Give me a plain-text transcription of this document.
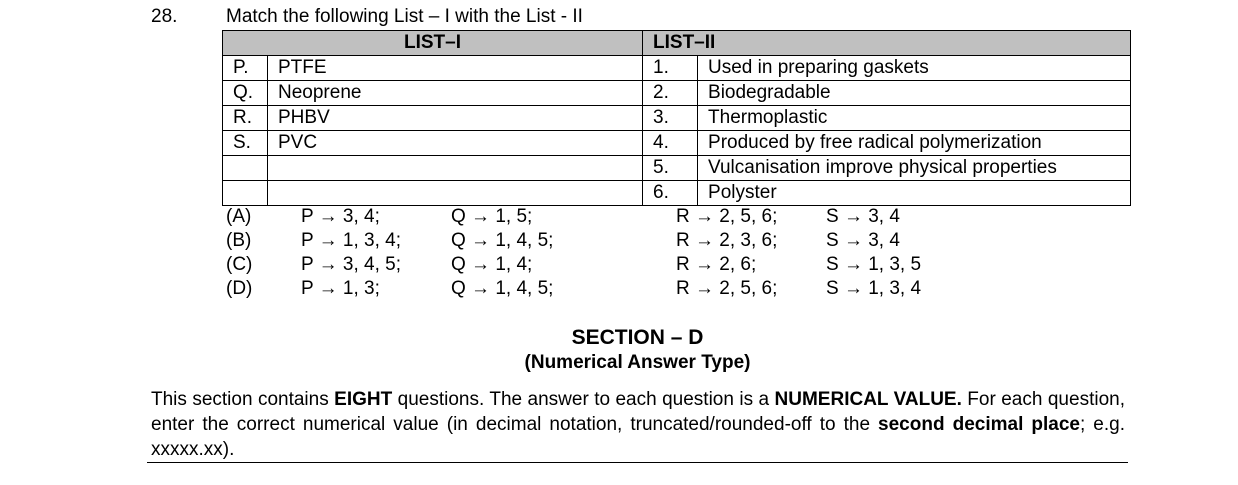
28.	Match the following List – I with the List - II
LIST–I		LIST–II	
P.	PTFE	1.	Used in preparing gaskets
Q.	Neoprene	2.	Biodegradable
R.	PHBV	3.	Thermoplastic
S.	PVC	4.	Produced by free radical polymerization
		5.	Vulcanisation improve physical properties
		6.	Polyster
(A)	P → 3, 4;	Q → 1, 5;	R → 2, 5, 6;	S → 3, 4
(B)	P → 1, 3, 4;	Q → 1, 4, 5;	R → 2, 3, 6;	S → 3, 4
(C)	P → 3, 4, 5;	Q → 1, 4;	R → 2, 6;	S → 1, 3, 5
(D)	P → 1, 3;	Q → 1, 4, 5;	R → 2, 5, 6;	S → 1, 3, 4
SECTION – D
(Numerical Answer Type)
This section contains EIGHT questions. The answer to each question is a NUMERICAL VALUE. For each question, enter the correct numerical value (in decimal notation, truncated/rounded-off to the second decimal place; e.g. xxxxx.xx).
